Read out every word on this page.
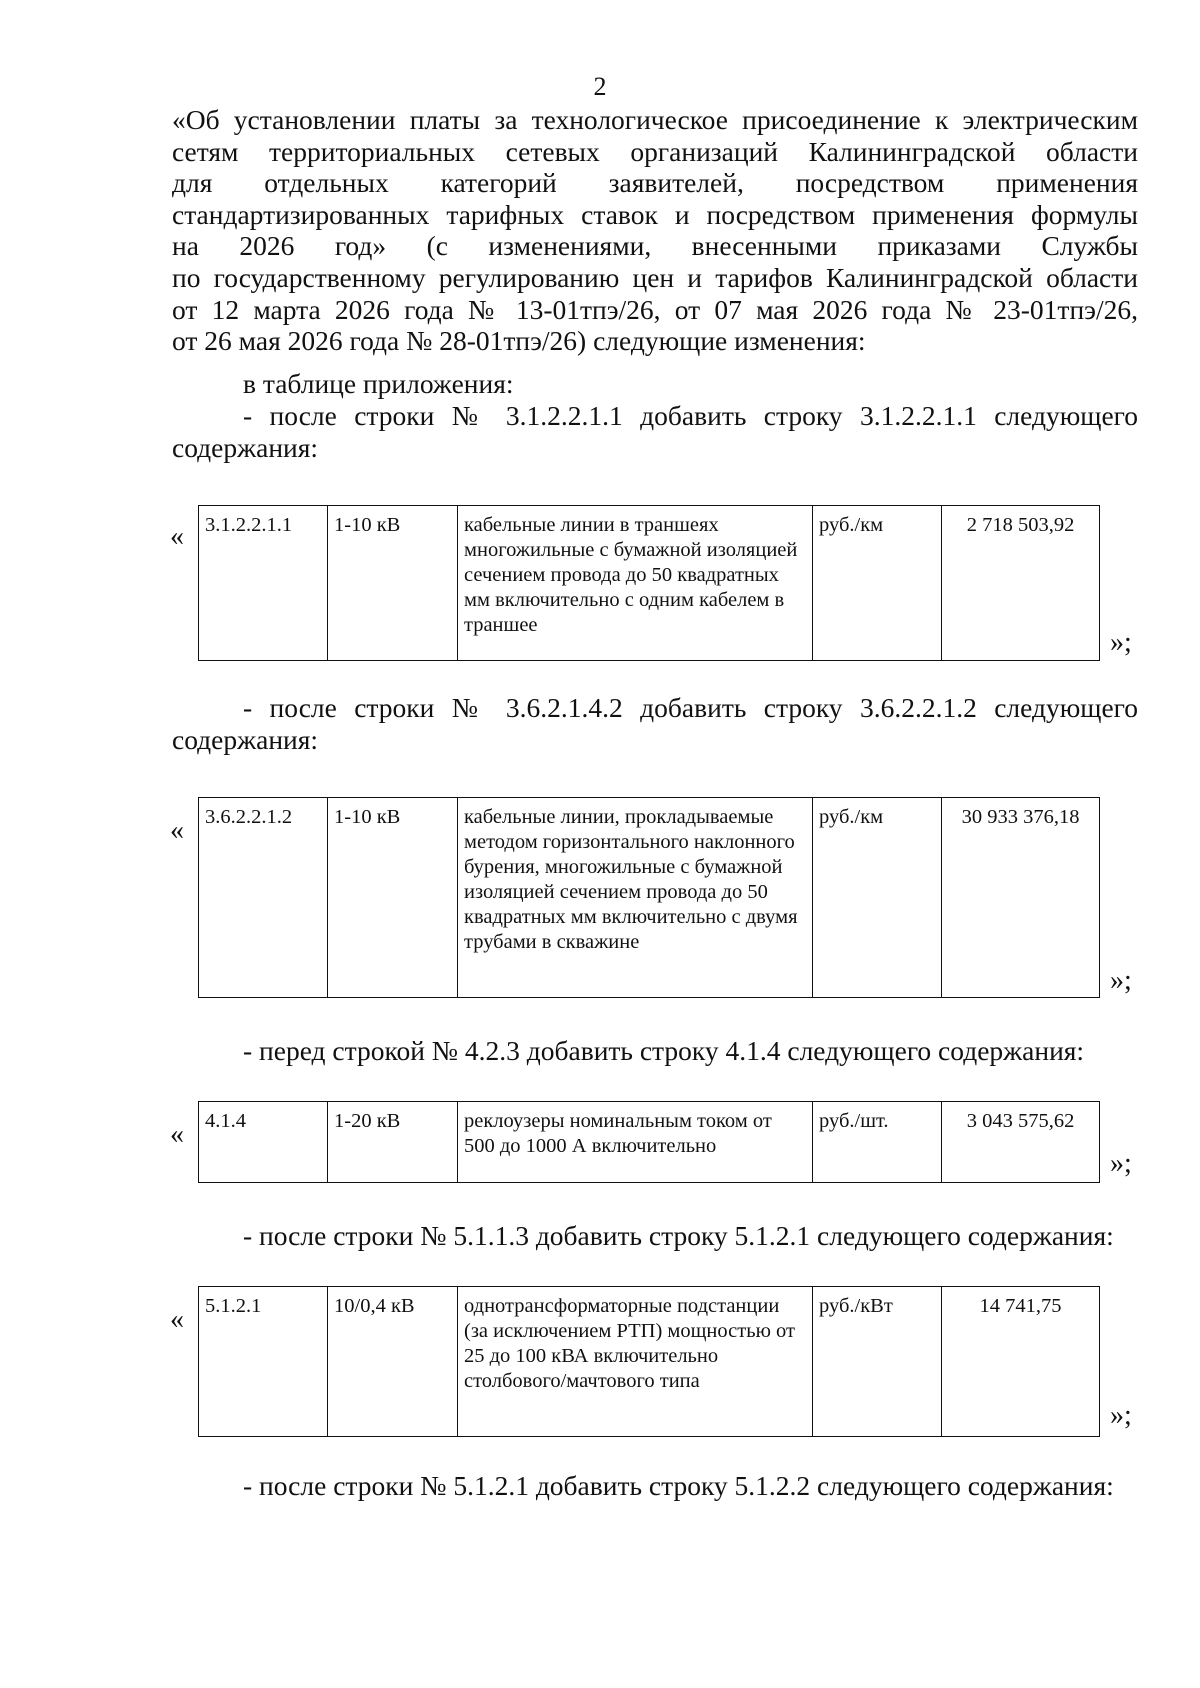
2
«Об установлении платы за технологическое присоединение к электрическим
сетям территориальных сетевых организаций Калининградской области
для отдельных категорий заявителей, посредством применения
стандартизированных тарифных ставок и посредством применения формулы
на 2026 год» (с изменениями, внесенными приказами Службы
по государственному регулированию цен и тарифов Калининградской области
от 12 марта 2026 года № 13-01тпэ/26, от 07 мая 2026 года № 23-01тпэ/26,
от 26 мая 2026 года № 28-01тпэ/26) следующие изменения:
в таблице приложения:
- после строки № 3.1.2.2.1.1 добавить строку 3.1.2.2.1.1 следующего
содержания:
« 3.1.2.2.1.1	1-10 кВ	кабельные линии в траншеях многожильные с бумажной изоляцией сечением провода до 50 квадратных мм включительно с одним кабелем в траншее	руб./км	2 718 503,92
»;
- после строки № 3.6.2.1.4.2 добавить строку 3.6.2.2.1.2 следующего
содержания:
« 3.6.2.2.1.2	1-10 кВ	кабельные линии, прокладываемые методом горизонтального наклонного бурения, многожильные с бумажной изоляцией сечением провода до 50 квадратных мм включительно с двумя трубами в скважине	руб./км	30 933 376,18
»;
- перед строкой № 4.2.3 добавить строку 4.1.4 следующего содержания:
« 4.1.4	1-20 кВ	реклоузеры номинальным током от 500 до 1000 А включительно	руб./шт.	3 043 575,62
»;
- после строки № 5.1.1.3 добавить строку 5.1.2.1 следующего содержания:
« 5.1.2.1	10/0,4 кВ	однотрансформаторные подстанции (за исключением РТП) мощностью от 25 до 100 кВА включительно столбового/мачтового типа	руб./кВт	14 741,75
»;
- после строки № 5.1.2.1 добавить строку 5.1.2.2 следующего содержания:
